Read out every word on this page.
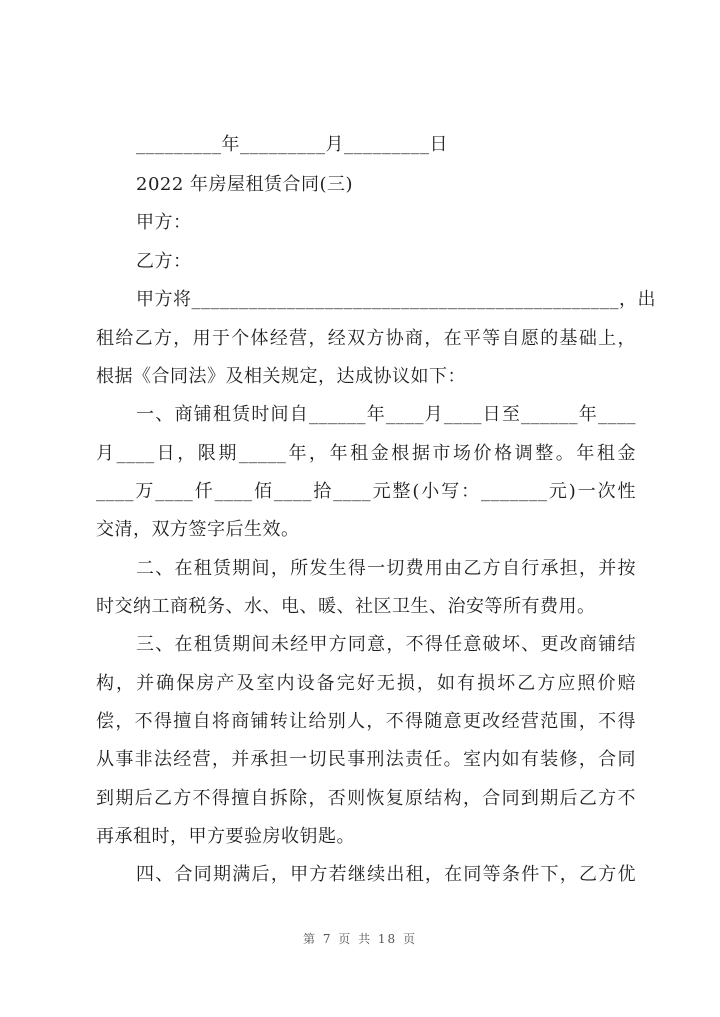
_________年_________月_________日
2022 年房屋租赁合同(三)
甲方：
乙方：
甲方将_____________________________________________，出
租给乙方，用于个体经营，经双方协商，在平等自愿的基础上，
根据《合同法》及相关规定，达成协议如下：
一、商铺租赁时间自______年____月____日至______年____
月____日，限期_____年，年租金根据市场价格调整。年租金
____万____仟____佰____拾____元整(小写：_______元)一次性
交清，双方签字后生效。
二、在租赁期间，所发生得一切费用由乙方自行承担，并按
时交纳工商税务、水、电、暖、社区卫生、治安等所有费用。
三、在租赁期间未经甲方同意，不得任意破坏、更改商铺结
构，并确保房产及室内设备完好无损，如有损坏乙方应照价赔
偿，不得擅自将商铺转让给别人，不得随意更改经营范围，不得
从事非法经营，并承担一切民事刑法责任。室内如有装修，合同
到期后乙方不得擅自拆除，否则恢复原结构，合同到期后乙方不
再承租时，甲方要验房收钥匙。
四、合同期满后，甲方若继续出租，在同等条件下，乙方优
第 7 页 共 18 页
